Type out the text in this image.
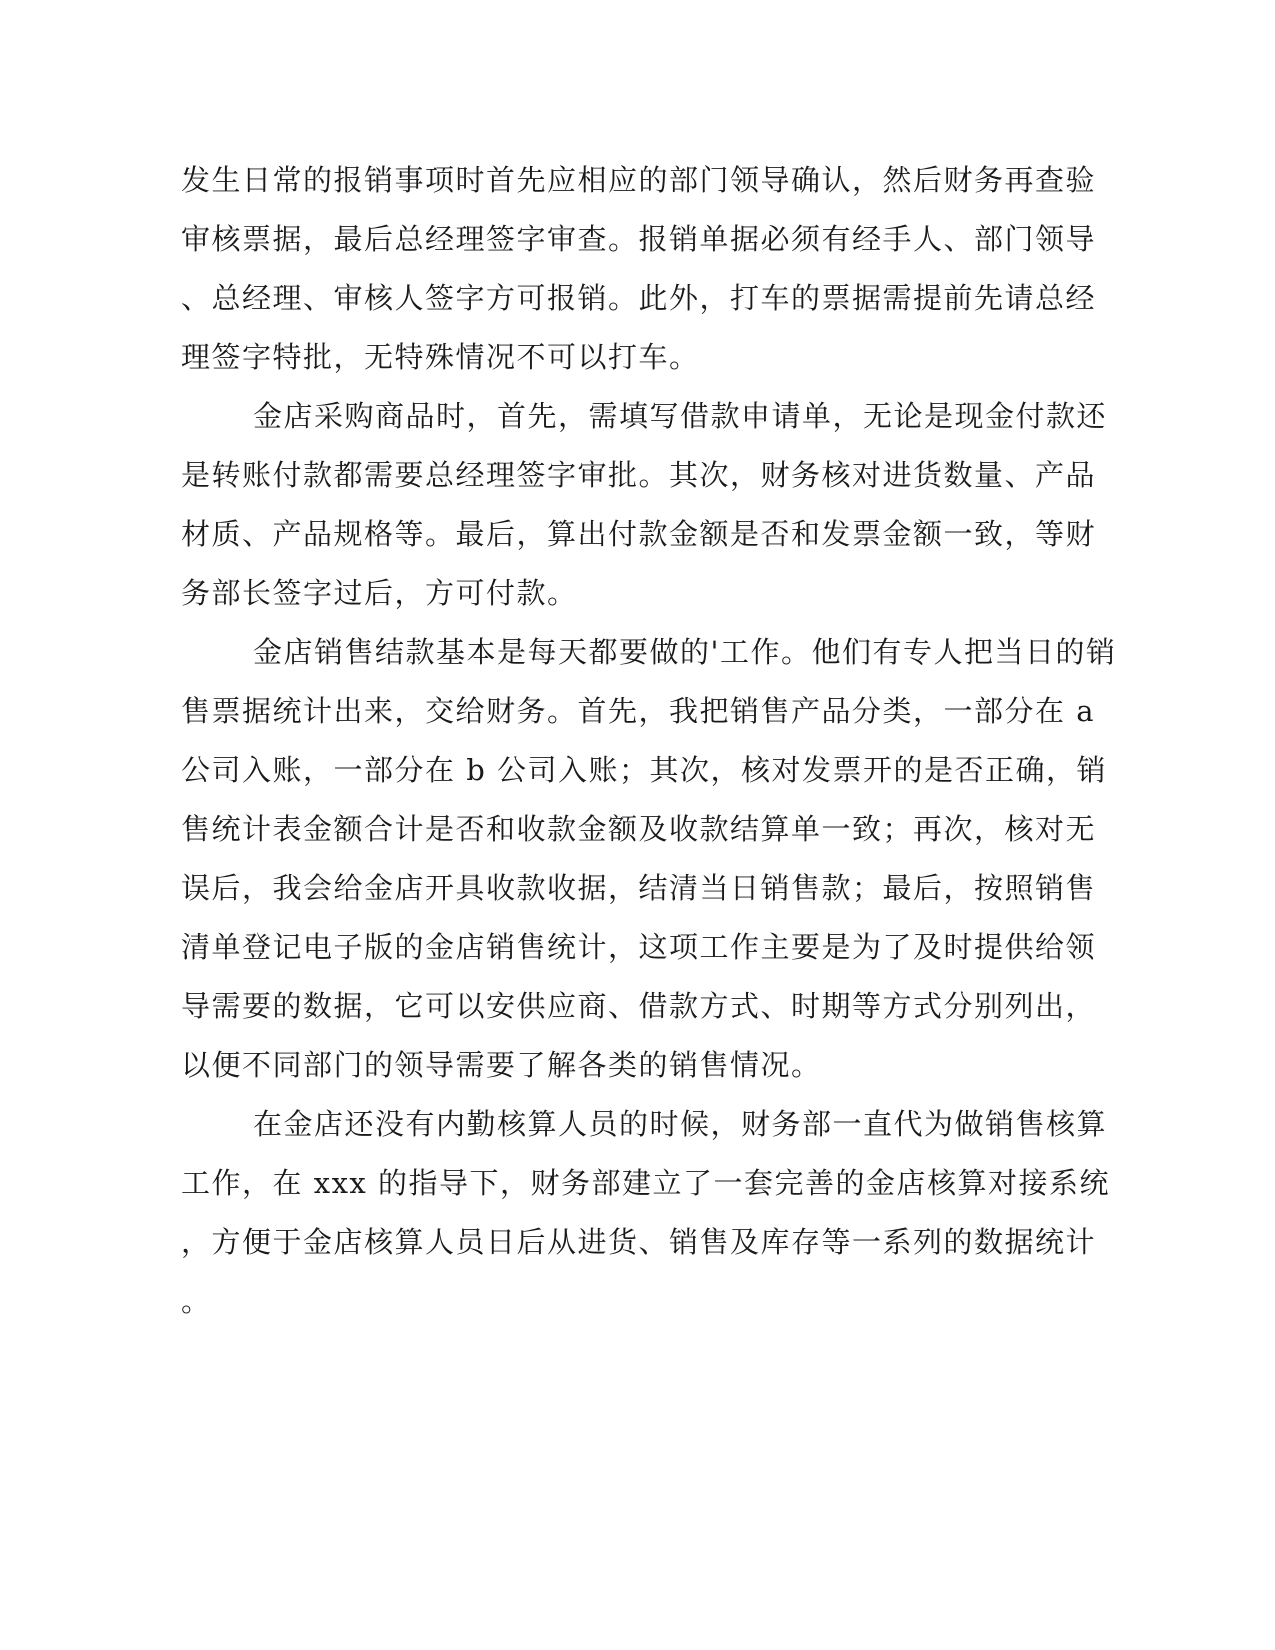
发生日常的报销事项时首先应相应的部门领导确认，然后财务再查验
审核票据，最后总经理签字审查。报销单据必须有经手人、部门领导
、总经理、审核人签字方可报销。此外，打车的票据需提前先请总经
理签字特批，无特殊情况不可以打车。
金店采购商品时，首先，需填写借款申请单，无论是现金付款还
是转账付款都需要总经理签字审批。其次，财务核对进货数量、产品
材质、产品规格等。最后，算出付款金额是否和发票金额一致，等财
务部长签字过后，方可付款。
金店销售结款基本是每天都要做的'工作。他们有专人把当日的销
售票据统计出来，交给财务。首先，我把销售产品分类，一部分在 a
公司入账，一部分在 b 公司入账；其次，核对发票开的是否正确，销
售统计表金额合计是否和收款金额及收款结算单一致；再次，核对无
误后，我会给金店开具收款收据，结清当日销售款；最后，按照销售
清单登记电子版的金店销售统计，这项工作主要是为了及时提供给领
导需要的数据，它可以安供应商、借款方式、时期等方式分别列出，
以便不同部门的领导需要了解各类的销售情况。
在金店还没有内勤核算人员的时候，财务部一直代为做销售核算
工作，在 xxx 的指导下，财务部建立了一套完善的金店核算对接系统
，方便于金店核算人员日后从进货、销售及库存等一系列的数据统计
。
